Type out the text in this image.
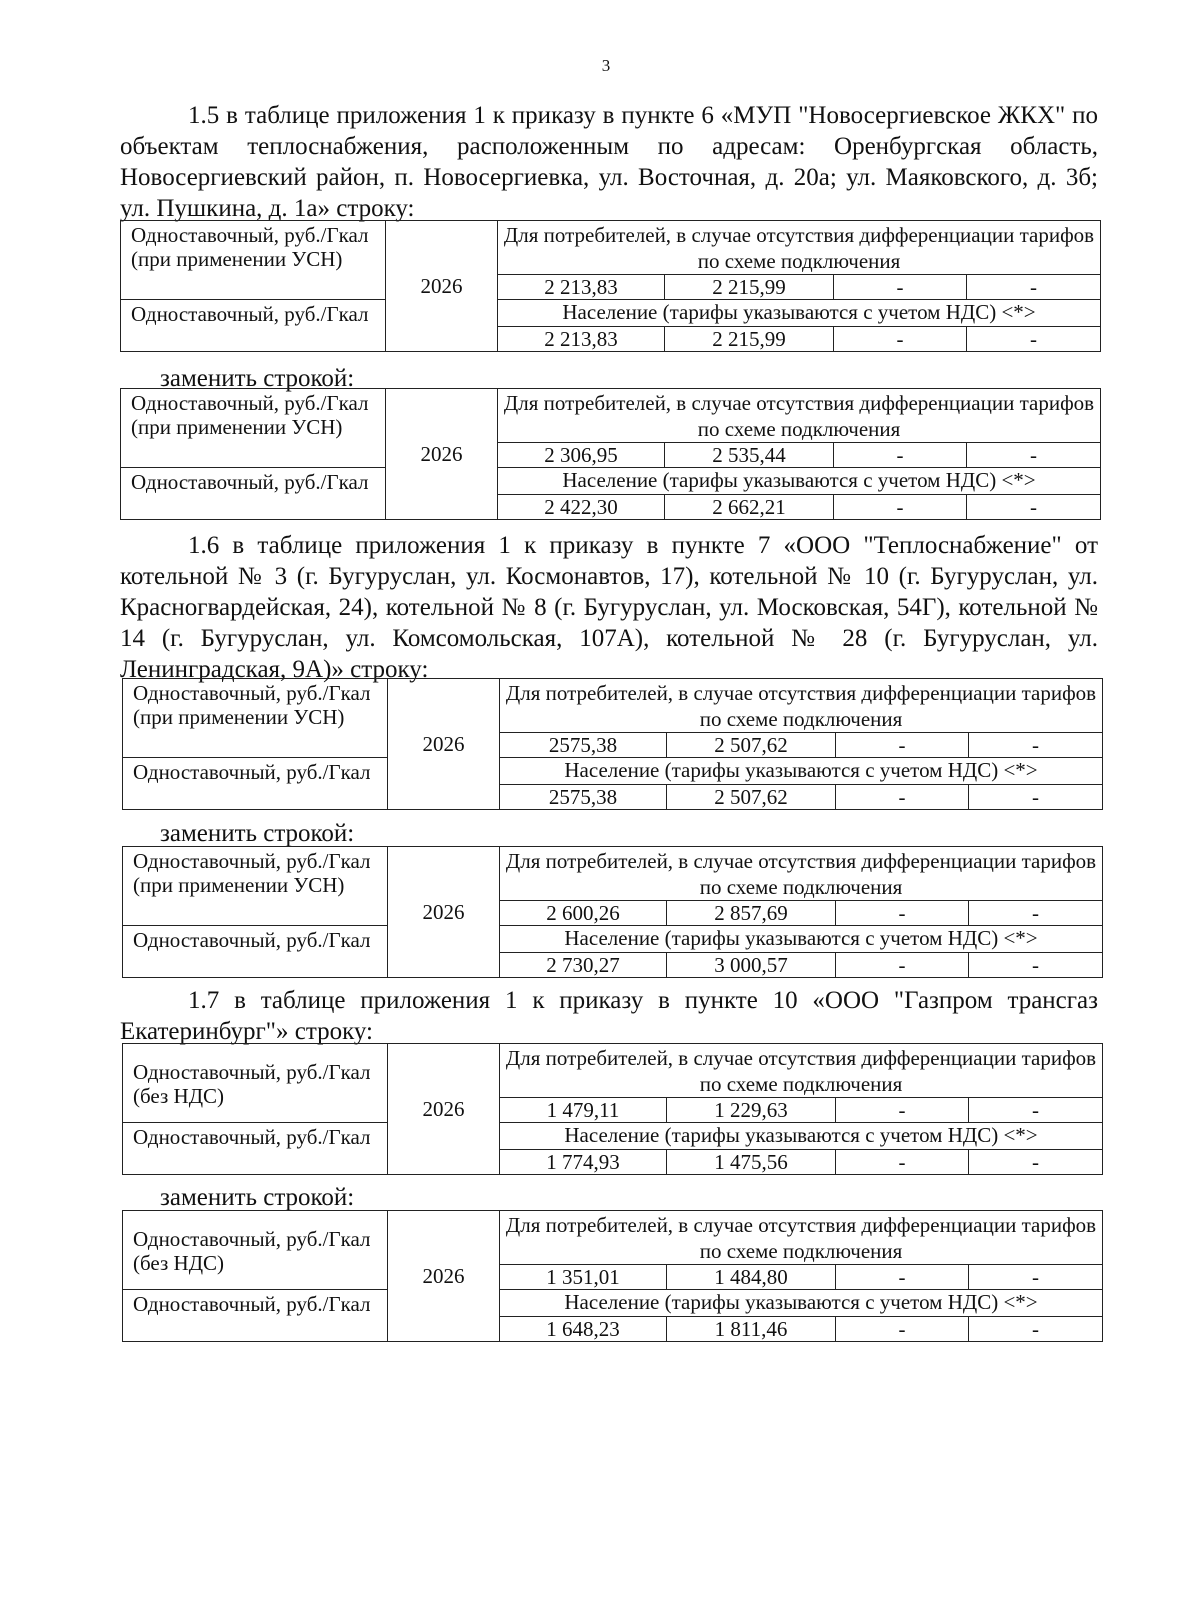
3
1.5 в таблице приложения 1 к приказу в пункте 6 «МУП "Новосергиевское ЖКХ" по объектам теплоснабжения, расположенным по адресам: Оренбургская область, Новосергиевский район, п. Новосергиевка, ул. Восточная, д. 20а; ул. Маяковского, д. 3б; ул. Пушкина, д. 1а» строку:
Одноставочный, руб./Гкал (при применении УСН)	2026	Для потребителей, в случае отсутствия дифференциации тарифов по схеме подключения			
		2 213,83	2 215,99	-	-
Одноставочный, руб./Гкал		Население (тарифы указываются с учетом НДС) <*>			
		2 213,83	2 215,99	-	-
заменить строкой:
Одноставочный, руб./Гкал (при применении УСН)	2026	Для потребителей, в случае отсутствия дифференциации тарифов по схеме подключения			
		2 306,95	2 535,44	-	-
Одноставочный, руб./Гкал		Население (тарифы указываются с учетом НДС) <*>			
		2 422,30	2 662,21	-	-
1.6 в таблице приложения 1 к приказу в пункте 7 «ООО "Теплоснабжение" от котельной № 3 (г. Бугуруслан, ул. Космонавтов, 17), котельной № 10 (г. Бугуруслан, ул. Красногвардейская, 24), котельной № 8 (г. Бугуруслан, ул. Московская, 54Г), котельной № 14 (г. Бугуруслан, ул. Комсомольская, 107А), котельной № 28 (г. Бугуруслан, ул. Ленинградская, 9А)» строку:
Одноставочный, руб./Гкал (при применении УСН)	2026	Для потребителей, в случае отсутствия дифференциации тарифов по схеме подключения			
		2575,38	2 507,62	-	-
Одноставочный, руб./Гкал		Население (тарифы указываются с учетом НДС) <*>			
		2575,38	2 507,62	-	-
заменить строкой:
Одноставочный, руб./Гкал (при применении УСН)	2026	Для потребителей, в случае отсутствия дифференциации тарифов по схеме подключения			
		2 600,26	2 857,69	-	-
Одноставочный, руб./Гкал		Население (тарифы указываются с учетом НДС) <*>			
		2 730,27	3 000,57	-	-
1.7 в таблице приложения 1 к приказу в пункте 10 «ООО "Газпром трансгаз Екатеринбург"» строку:
Одноставочный, руб./Гкал (без НДС)	2026	Для потребителей, в случае отсутствия дифференциации тарифов по схеме подключения			
		1 479,11	1 229,63	-	-
Одноставочный, руб./Гкал		Население (тарифы указываются с учетом НДС) <*>			
		1 774,93	1 475,56	-	-
заменить строкой:
Одноставочный, руб./Гкал (без НДС)	2026	Для потребителей, в случае отсутствия дифференциации тарифов по схеме подключения			
		1 351,01	1 484,80	-	-
Одноставочный, руб./Гкал		Население (тарифы указываются с учетом НДС) <*>			
		1 648,23	1 811,46	-	-
